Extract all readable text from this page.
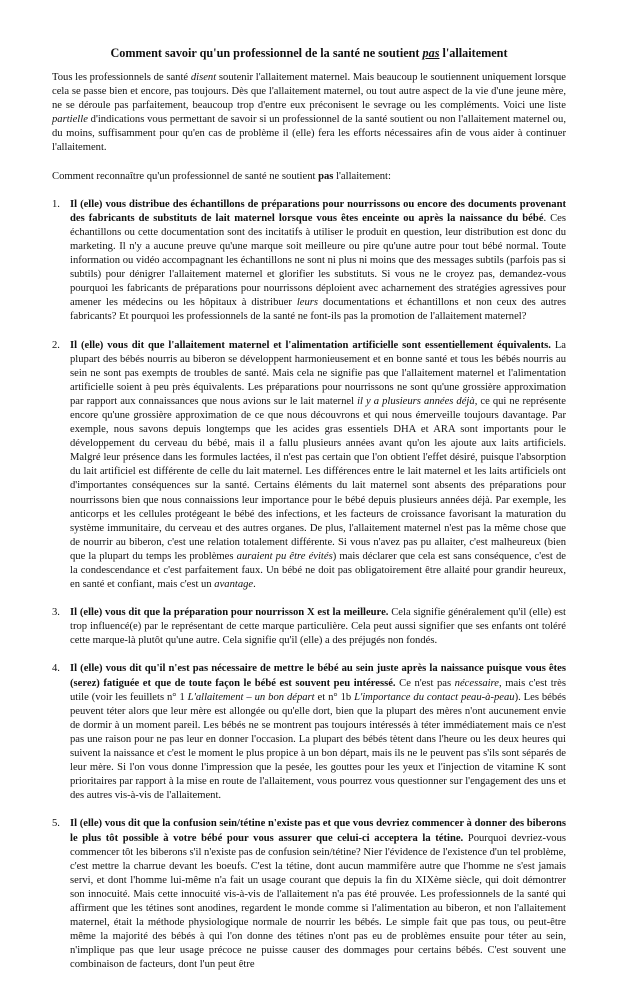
Comment savoir qu'un professionnel de la santé ne soutient pas l'allaitement

Tous les professionnels de santé disent soutenir l'allaitement maternel. Mais beaucoup le soutiennent uniquement lorsque cela se passe bien et encore, pas toujours. Dès que l'allaitement maternel, ou tout autre aspect de la vie d'une jeune mère, ne se déroule pas parfaitement, beaucoup trop d'entre eux préconisent le sevrage ou les compléments. Voici une liste partielle d'indications vous permettant de savoir si un professionnel de la santé soutient ou non l'allaitement maternel ou, du moins, suffisamment pour qu'en cas de problème il (elle) fera les efforts nécessaires afin de vous aider à continuer l'allaitement.

Comment reconnaître qu'un professionnel de santé ne soutient pas l'allaitement:

1. Il (elle) vous distribue des échantillons de préparations pour nourrissons ou encore des documents provenant des fabricants de substituts de lait maternel lorsque vous êtes enceinte ou après la naissance du bébé. Ces échantillons ou cette documentation sont des incitatifs à utiliser le produit en question, leur distribution est donc du marketing. Il n'y a aucune preuve qu'une marque soit meilleure ou pire qu'une autre pour tout bébé normal. Toute information ou vidéo accompagnant les échantillons ne sont ni plus ni moins que des messages subtils (parfois pas si subtils) pour dénigrer l'allaitement maternel et glorifier les substituts. Si vous ne le croyez pas, demandez-vous pourquoi les fabricants de préparations pour nourrissons déploient avec acharnement des stratégies agressives pour amener les médecins ou les hôpitaux à distribuer leurs documentations et échantillons et non ceux des autres fabricants? Et pourquoi les professionnels de la santé ne font-ils pas la promotion de l'allaitement maternel?
2. Il (elle) vous dit que l'allaitement maternel et l'alimentation artificielle sont essentiellement équivalents. La plupart des bébés nourris au biberon se développent harmonieusement et en bonne santé et tous les bébés nourris au sein ne sont pas exempts de troubles de santé. Mais cela ne signifie pas que l'allaitement maternel et l'alimentation artificielle soient à peu près équivalents. Les préparations pour nourrissons ne sont qu'une grossière approximation par rapport aux connaissances que nous avions sur le lait maternel il y a plusieurs années déjà, ce qui ne représente encore qu'une grossière approximation de ce que nous découvrons et qui nous émerveille toujours davantage. Par exemple, nous savons depuis longtemps que les acides gras essentiels DHA et ARA sont importants pour le développement du cerveau du bébé, mais il a fallu plusieurs années avant qu'on les ajoute aux laits artificiels. Malgré leur présence dans les formules lactées, il n'est pas certain que l'on obtient l'effet désiré, puisque l'absorption du lait artificiel est différente de celle du lait maternel. Les différences entre le lait maternel et les laits artificiels ont d'importantes conséquences sur la santé. Certains éléments du lait maternel sont absents des préparations pour nourrissons bien que nous connaissions leur importance pour le bébé depuis plusieurs années déjà. Par exemple, les anticorps et les cellules protégeant le bébé des infections, et les facteurs de croissance favorisant la maturation du système immunitaire, du cerveau et des autres organes. De plus, l'allaitement maternel n'est pas la même chose que de nourrir au biberon, c'est une relation totalement différente. Si vous n'avez pas pu allaiter, c'est malheureux (bien que la plupart du temps les problèmes auraient pu être évités) mais déclarer que cela est sans conséquence, c'est de la condescendance et c'est parfaitement faux. Un bébé ne doit pas obligatoirement être allaité pour grandir heureux, en santé et confiant, mais c'est un avantage.
3. Il (elle) vous dit que la préparation pour nourrisson X est la meilleure. Cela signifie généralement qu'il (elle) est trop influencé(e) par le représentant de cette marque particulière. Cela peut aussi signifier que ses enfants ont toléré cette marque-là plutôt qu'une autre. Cela signifie qu'il (elle) a des préjugés non fondés.
4. Il (elle) vous dit qu'il n'est pas nécessaire de mettre le bébé au sein juste après la naissance puisque vous êtes (serez) fatiguée et que de toute façon le bébé est souvent peu intéressé. Ce n'est pas nécessaire, mais c'est très utile (voir les feuillets n° 1 L'allaitement – un bon départ et n° 1b L'importance du contact peau-à-peau). Les bébés peuvent téter alors que leur mère est allongée ou qu'elle dort, bien que la plupart des mères n'ont aucunement envie de dormir à un moment pareil. Les bébés ne se montrent pas toujours intéressés à téter immédiatement mais ce n'est pas une raison pour ne pas leur en donner l'occasion. La plupart des bébés tètent dans l'heure ou les deux heures qui suivent la naissance et c'est le moment le plus propice à un bon départ, mais ils ne le peuvent pas s'ils sont séparés de leur mère. Si l'on vous donne l'impression que la pesée, les gouttes pour les yeux et l'injection de vitamine K sont prioritaires par rapport à la mise en route de l'allaitement, vous pourrez vous questionner sur l'engagement des uns et des autres vis-à-vis de l'allaitement.
5. Il (elle) vous dit que la confusion sein/tétine n'existe pas et que vous devriez commencer à donner des biberons le plus tôt possible à votre bébé pour vous assurer que celui-ci acceptera la tétine. Pourquoi devriez-vous commencer tôt les biberons s'il n'existe pas de confusion sein/tétine? Nier l'évidence de l'existence d'un tel problème, c'est mettre la charrue devant les boeufs. C'est la tétine, dont aucun mammifère autre que l'homme ne s'est jamais servi, et dont l'homme lui-même n'a fait un usage courant que depuis la fin du XIXème siècle, qui doit démontrer son innocuité. Mais cette innocuité vis-à-vis de l'allaitement n'a pas été prouvée. Les professionnels de la santé qui affirment que les tétines sont anodines, regardent le monde comme si l'alimentation au biberon, et non l'allaitement maternel, était la méthode physiologique normale de nourrir les bébés. Le simple fait que pas tous, ou peut-être même la majorité des bébés à qui l'on donne des tétines n'ont pas eu de problèmes ensuite pour téter au sein, n'implique pas que leur usage précoce ne puisse causer des dommages pour certains bébés. C'est souvent une combinaison de facteurs, dont l'un peut être
